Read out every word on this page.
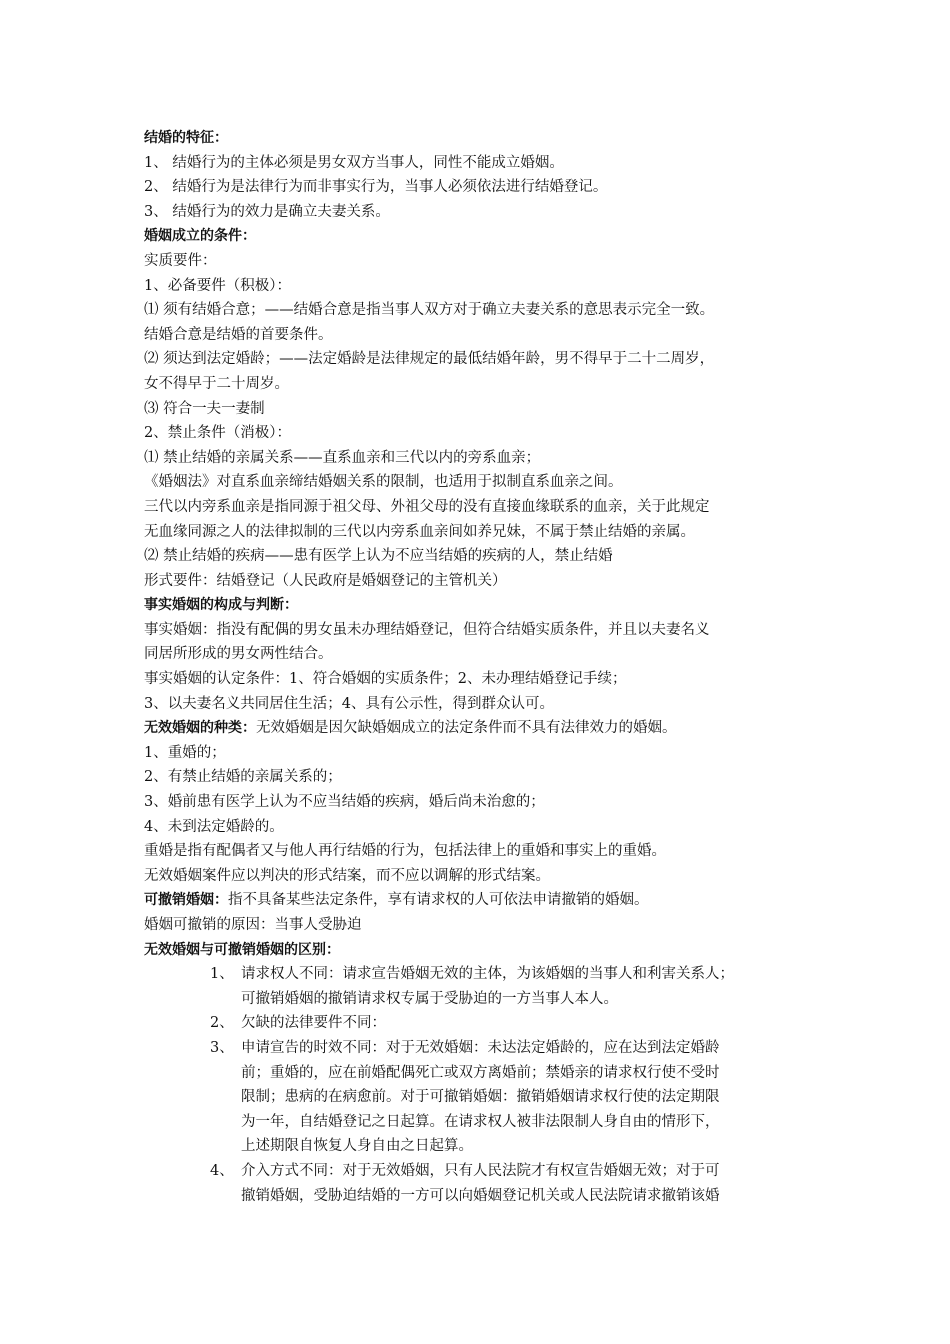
结婚的特征：
1、 结婚行为的主体必须是男女双方当事人，同性不能成立婚姻。
2、 结婚行为是法律行为而非事实行为，当事人必须依法进行结婚登记。
3、 结婚行为的效力是确立夫妻关系。
婚姻成立的条件：
实质要件：
1、必备要件（积极）：
⑴ 须有结婚合意；——结婚合意是指当事人双方对于确立夫妻关系的意思表示完全一致。
结婚合意是结婚的首要条件。
⑵ 须达到法定婚龄；——法定婚龄是法律规定的最低结婚年龄，男不得早于二十二周岁，
女不得早于二十周岁。
⑶ 符合一夫一妻制
2、禁止条件（消极）：
⑴ 禁止结婚的亲属关系——直系血亲和三代以内的旁系血亲；
《婚姻法》对直系血亲缔结婚姻关系的限制，也适用于拟制直系血亲之间。
三代以内旁系血亲是指同源于祖父母、外祖父母的没有直接血缘联系的血亲，关于此规定
无血缘同源之人的法律拟制的三代以内旁系血亲间如养兄妹，不属于禁止结婚的亲属。
⑵ 禁止结婚的疾病——患有医学上认为不应当结婚的疾病的人，禁止结婚
形式要件：结婚登记（人民政府是婚姻登记的主管机关）
事实婚姻的构成与判断：
事实婚姻：指没有配偶的男女虽未办理结婚登记，但符合结婚实质条件，并且以夫妻名义
同居所形成的男女两性结合。
事实婚姻的认定条件：1、符合婚姻的实质条件；2、未办理结婚登记手续；
3、以夫妻名义共同居住生活；4、具有公示性，得到群众认可。
无效婚姻的种类：无效婚姻是因欠缺婚姻成立的法定条件而不具有法律效力的婚姻。
1、重婚的；
2、有禁止结婚的亲属关系的；
3、婚前患有医学上认为不应当结婚的疾病，婚后尚未治愈的；
4、未到法定婚龄的。
重婚是指有配偶者又与他人再行结婚的行为，包括法律上的重婚和事实上的重婚。
无效婚姻案件应以判决的形式结案，而不应以调解的形式结案。
可撤销婚姻：指不具备某些法定条件，享有请求权的人可依法申请撤销的婚姻。
婚姻可撤销的原因：当事人受胁迫
无效婚姻与可撤销婚姻的区别：
1、 请求权人不同：请求宣告婚姻无效的主体，为该婚姻的当事人和利害关系人；
可撤销婚姻的撤销请求权专属于受胁迫的一方当事人本人。
2、 欠缺的法律要件不同：
3、 申请宣告的时效不同：对于无效婚姻：未达法定婚龄的，应在达到法定婚龄
前；重婚的，应在前婚配偶死亡或双方离婚前；禁婚亲的请求权行使不受时
限制；患病的在病愈前。对于可撤销婚姻：撤销婚姻请求权行使的法定期限
为一年，自结婚登记之日起算。在请求权人被非法限制人身自由的情形下，
上述期限自恢复人身自由之日起算。
4、 介入方式不同：对于无效婚姻，只有人民法院才有权宣告婚姻无效；对于可
撤销婚姻，受胁迫结婚的一方可以向婚姻登记机关或人民法院请求撤销该婚
